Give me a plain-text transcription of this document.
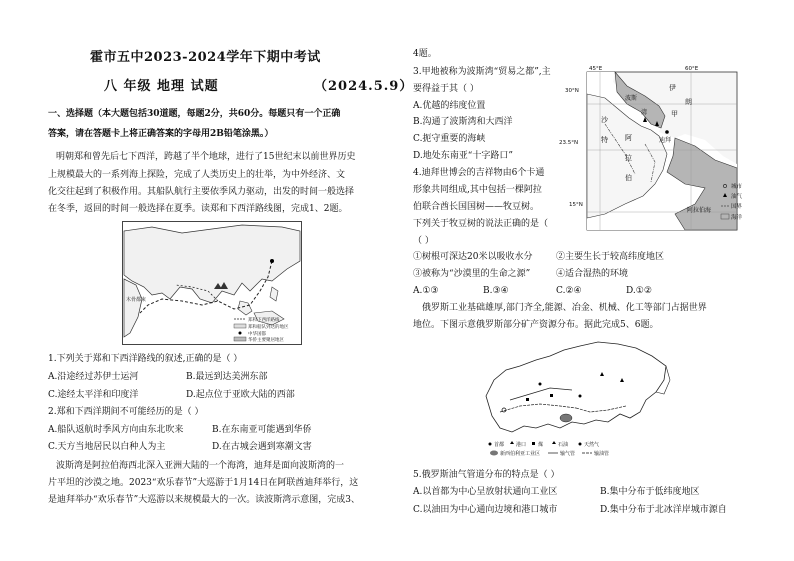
霍市五中2023-2024学年下期中考试
八 年级 地理 试题	（2024.5.9）
一、选择题（本大题包括30道题，每题2分，共60分。每题只有一个正确
答案，请在答题卡上将正确答案的字母用2B铅笔涂黑。）
明朝郑和曾先后七下西洋，跨越了半个地球，进行了15世纪末以前世界历史
上规模最大的一系列海上探险，完成了人类历史上的壮举，为中外经济、文
化交往起到了积极作用。其船队航行主要依季风力驱动，出发的时间一般选择
在冬季，返回的时间一般选择在夏季。读郑和下西洋路线图，完成1、2题。
郑和下西洋路线
郑和船队到达的地区
中华国都
华侨主要聚居地区
木骨都束
1.下列关于郑和下西洋路线的叙述,正确的是（ ）
A.沿途经过苏伊士运河	B.最远到达美洲东部
C.途经太平洋和印度洋	D.起点位于亚欧大陆的西部
2.郑和下西洋期间不可能经历的是（ ）
A.船队返航时季风方向由东北吹来	B.在东南亚可能遇到华侨
C.天方当地居民以白种人为主	D.在古城会遇到寒潮文害
波斯湾是阿拉伯海西北深入亚洲大陆的一个海湾，迪拜是面向波斯湾的一
片平坦的沙漠之地。2023“欢乐春节”大巡游于1月14日在阿联酋迪拜举行，这
是迪拜举办“欢乐春节”大巡游以来规模最大的一次。读波斯湾示意图，完成3、
4题。
3.甲地被称为波斯湾“贸易之都”,主
要得益于其（ ）
A.优越的纬度位置
B.沟通了波斯湾和大西洋
C.扼守重要的海峡
D.地处东南亚“十字路口”
4.迪拜世博会的吉祥物由6个卡通
形象共同组成,其中包括一棵阿拉
伯联合酋长国国树——牧豆树。
下列关于牧豆树的说法正确的是（
（ ）
①树根可深达20米以吸收水分	②主要生长于较高纬度地区
③被称为“沙漠里的生命之源”	④适合湿热的环境
A.①③	B.③④	C.②④	D.①②
俄罗斯工业基础雄厚,部门齐全,能源、冶金、机械、化工等部门占据世界
地位。下图示意俄罗斯部分矿产资源分布。据此完成5、6题。
45°E	60°E
30°N
23.5°N
15°N
波斯
湾
沙
特 阿
拉
伯
伊
朗
甲
迪拜
阿拉伯海
城市
油气
国界
海洋
首都 港口 煤	石油	天然气
新西伯利亚工业区	输气管	输油管
5.俄罗斯油气管道分布的特点是（ ）
A.以首都为中心呈放射状通向工业区	B.集中分布于低纬度地区
C.以油田为中心通向边境和港口城市	D.集中分布于北冰洋岸城市源自
